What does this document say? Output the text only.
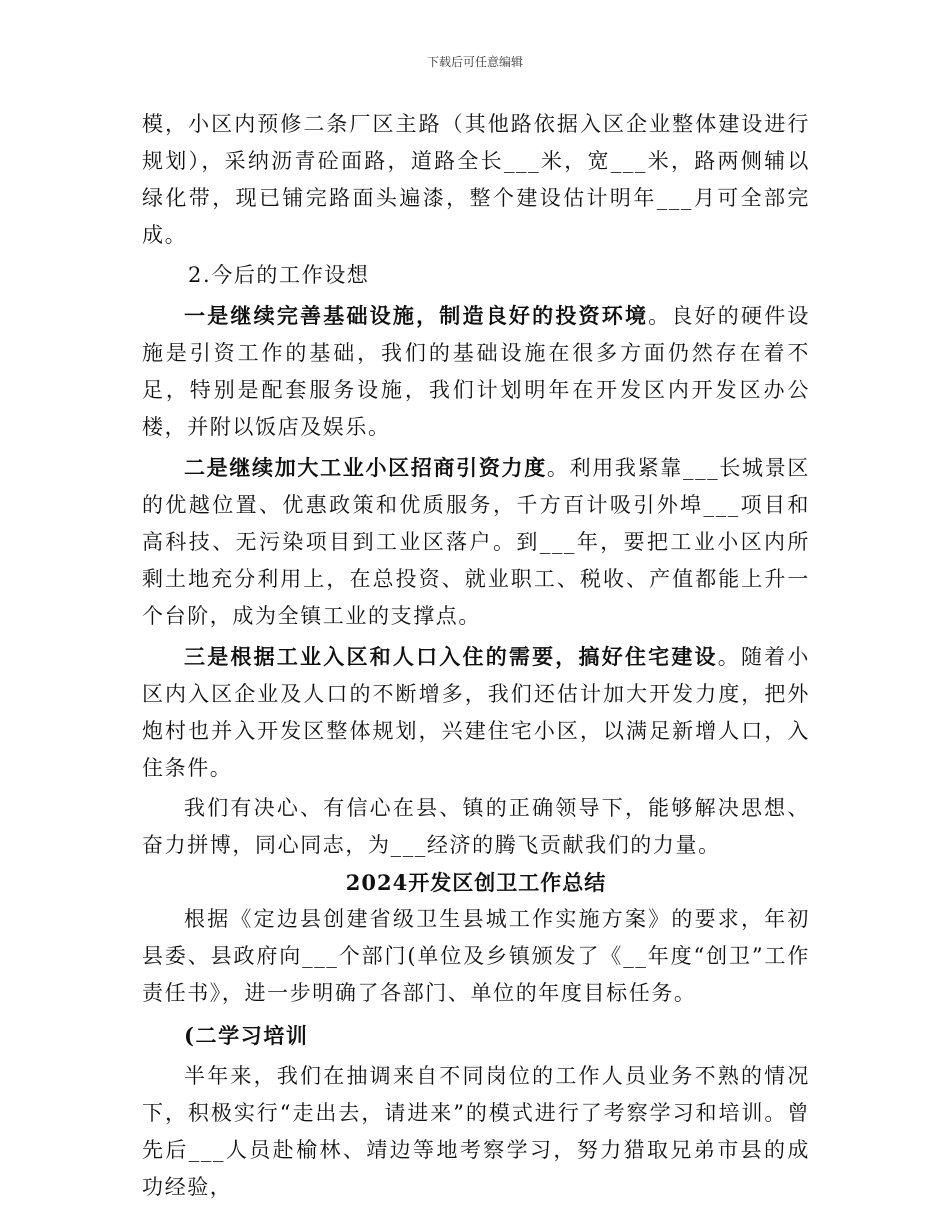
下载后可任意编辑

模，小区内预修二条厂区主路（其他路依据入区企业整体建设进行规划），采纳沥青砼面路，道路全长___米，宽___米，路两侧辅以绿化带，现已铺完路面头遍漆，整个建设估计明年___月可全部完成。

2.今后的工作设想

一是继续完善基础设施，制造良好的投资环境。良好的硬件设施是引资工作的基础，我们的基础设施在很多方面仍然存在着不足，特别是配套服务设施，我们计划明年在开发区内开发区办公楼，并附以饭店及娱乐。

二是继续加大工业小区招商引资力度。利用我紧靠___长城景区的优越位置、优惠政策和优质服务，千方百计吸引外埠___项目和高科技、无污染项目到工业区落户。到___年，要把工业小区内所剩土地充分利用上，在总投资、就业职工、税收、产值都能上升一个台阶，成为全镇工业的支撑点。

三是根据工业入区和人口入住的需要，搞好住宅建设。随着小区内入区企业及人口的不断增多，我们还估计加大开发力度，把外炮村也并入开发区整体规划，兴建住宅小区，以满足新增人口，入住条件。

我们有决心、有信心在县、镇的正确领导下，能够解决思想、奋力拼博，同心同志，为___经济的腾飞贡献我们的力量。

2024开发区创卫工作总结

根据《定边县创建省级卫生县城工作实施方案》的要求，年初县委、县政府向___个部门(单位及乡镇颁发了《__年度“创卫”工作责任书》，进一步明确了各部门、单位的年度目标任务。

(二学习培训

半年来，我们在抽调来自不同岗位的工作人员业务不熟的情况下，积极实行“走出去，请进来”的模式进行了考察学习和培训。曾先后___人员赴榆林、靖边等地考察学习，努力猎取兄弟市县的成功经验，
